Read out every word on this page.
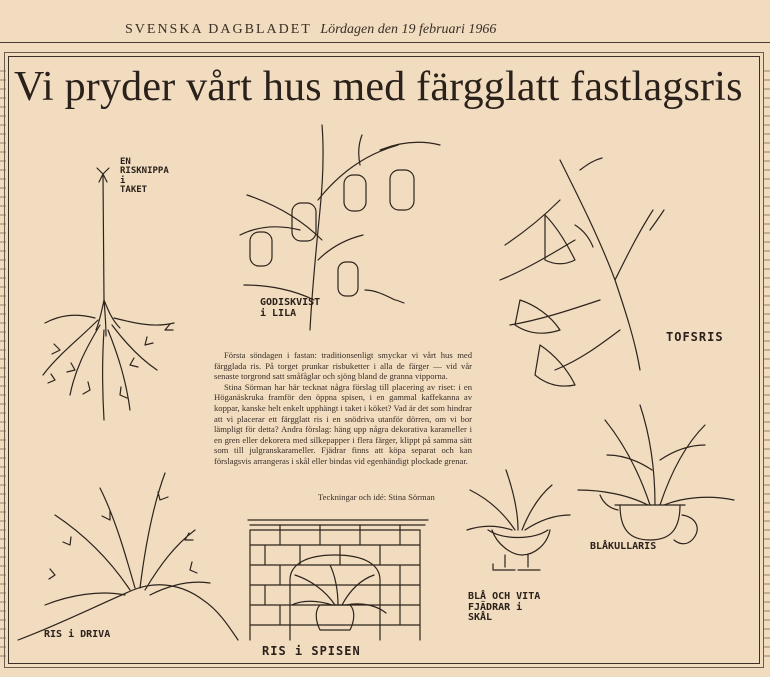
SVENSKA DAGBLADET Lördagen den 19 februari 1966
Vi pryder vårt hus med färgglatt fastlagsris

Första söndagen i fastan: traditionsenligt smyckar vi vårt hus med färgglada ris. På torget prunkar risbuketter i alla de färger — vid vår senaste torgrond satt småfåglar och sjöng bland de granna vipporna.

Stina Sörman har här tecknat några förslag till placering av riset: i en Höganäskruka framför den öppna spisen, i en gammal kaffekanna av koppar, kanske helt enkelt upphängt i taket i köket? Vad är det som hindrar att vi placerar ett färgglatt ris i en snödriva utanför dörren, om vi bor lämpligt för detta? Andra förslag: häng upp några dekorativa karameller i en gren eller dekorera med silkepapper i flera färger, klippt på samma sätt som till julgranskarameller. Fjädrar finns att köpa separat och kan förslagsvis arrangeras i skål eller bindas vid egenhändigt plockade grenar.

Teckningar och idé: Stina Sörman
EN
RISKNIPPA
i
TAKET
GODISKVIST
i LILA
TOFSRIS
BLÅKULLARIS
BLÅ OCH VITA
FJÄDRAR i
SKÅL
RIS i DRIVA
RIS i SPISEN
